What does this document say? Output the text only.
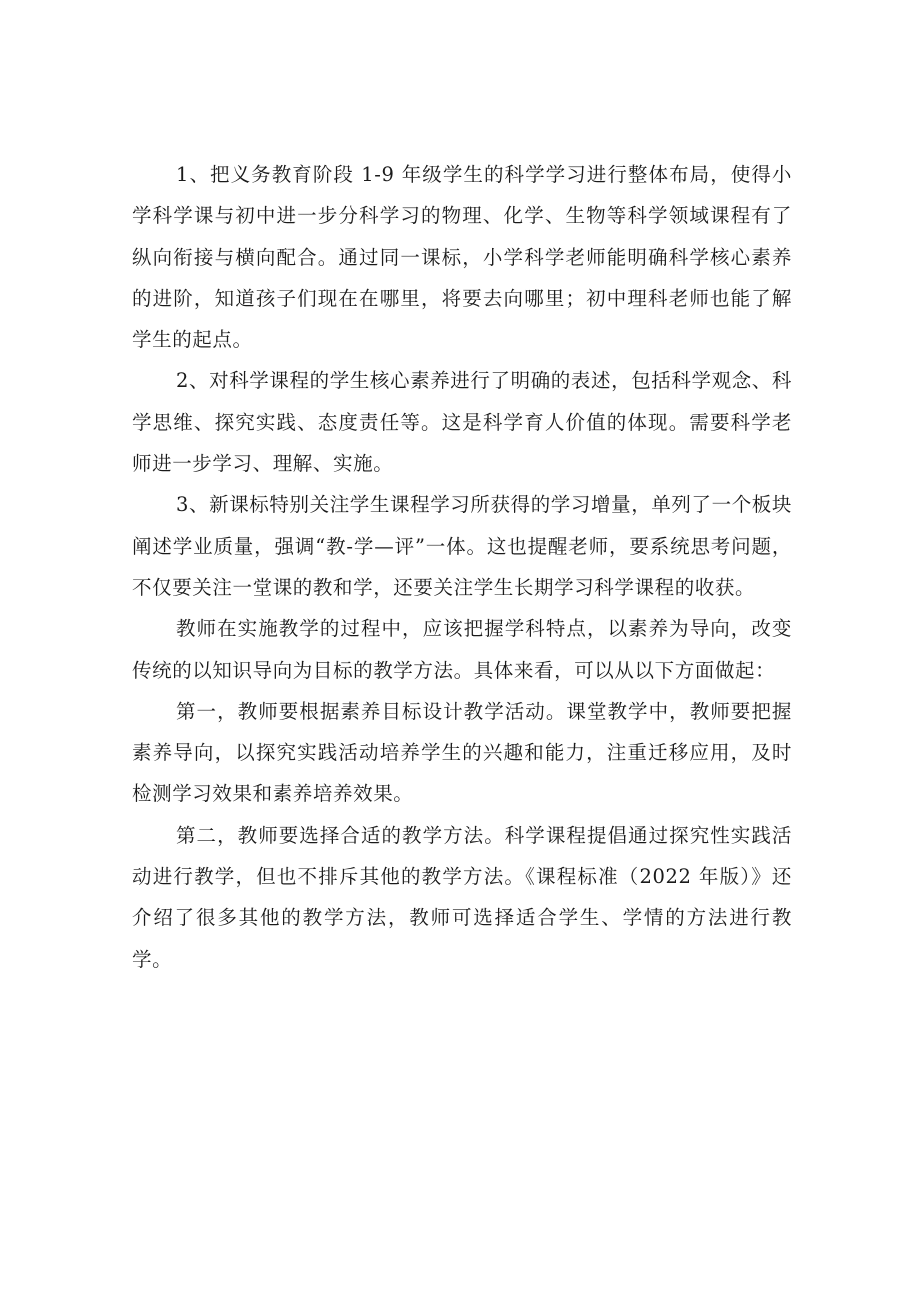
1、把义务教育阶段 1-9 年级学生的科学学习进行整体布局，使得小学科学课与初中进一步分科学习的物理、化学、生物等科学领域课程有了纵向衔接与横向配合。通过同一课标，小学科学老师能明确科学核心素养的进阶，知道孩子们现在在哪里，将要去向哪里；初中理科老师也能了解学生的起点。

2、对科学课程的学生核心素养进行了明确的表述，包括科学观念、科学思维、探究实践、态度责任等。这是科学育人价值的体现。需要科学老师进一步学习、理解、实施。

3、新课标特别关注学生课程学习所获得的学习增量，单列了一个板块阐述学业质量，强调“教-学—评”一体。这也提醒老师，要系统思考问题，不仅要关注一堂课的教和学，还要关注学生长期学习科学课程的收获。

教师在实施教学的过程中，应该把握学科特点，以素养为导向，改变传统的以知识导向为目标的教学方法。具体来看，可以从以下方面做起：

第一，教师要根据素养目标设计教学活动。课堂教学中，教师要把握素养导向，以探究实践活动培养学生的兴趣和能力，注重迁移应用，及时检测学习效果和素养培养效果。

第二，教师要选择合适的教学方法。科学课程提倡通过探究性实践活动进行教学，但也不排斥其他的教学方法。《课程标准（2022 年版）》还介绍了很多其他的教学方法，教师可选择适合学生、学情的方法进行教学。
